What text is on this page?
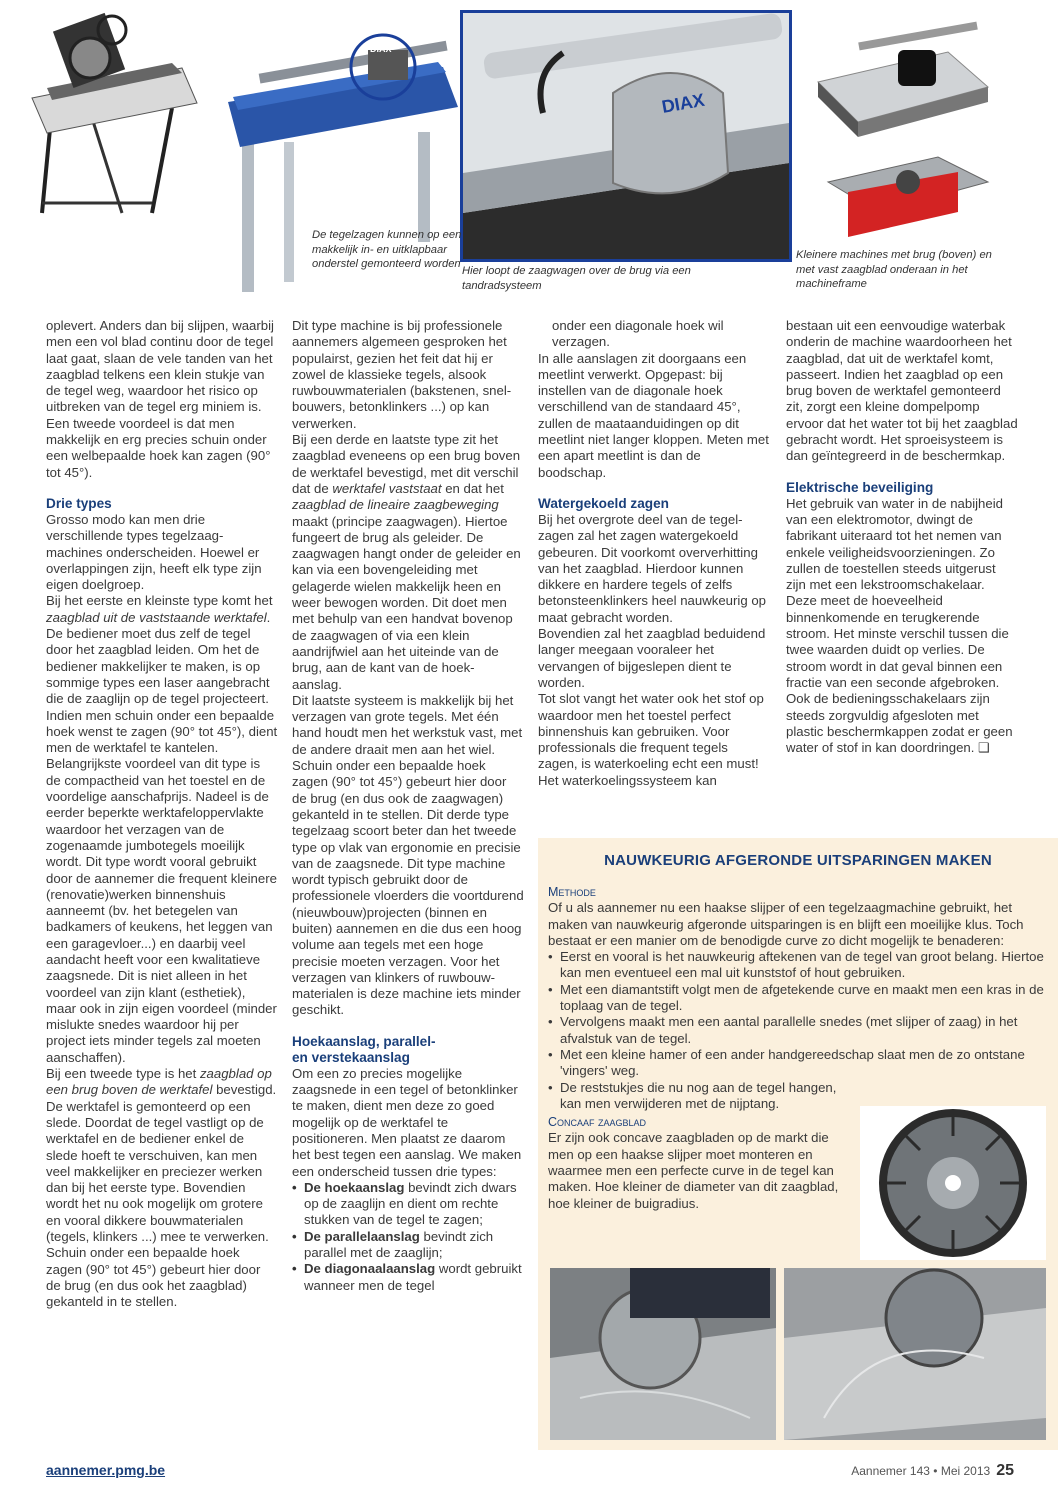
DIAX
DIAX
De tegelzagen kunnen op een makkelijk in- en uitklapbaar onderstel gemonteerd worden
Hier loopt de zaagwagen over de brug via een tandradsysteem
Kleinere machines met brug (boven) en met vast zaagblad onderaan in het machineframe

oplevert. Anders dan bij slijpen, waarbij men een vol blad continu door de tegel laat gaat, slaan de vele tanden van het zaagblad telkens een klein stukje van de tegel weg, waardoor het risico op uitbreken van de tegel erg miniem is. Een tweede voordeel is dat men makkelijk en erg precies schuin onder een welbepaalde hoek kan zagen (90° tot 45°).

Drie types

Grosso modo kan men drie verschillende types tegelzaag-machines onderscheiden. Hoewel er overlappingen zijn, heeft elk type zijn eigen doelgroep.

Bij het eerste en kleinste type komt het zaagblad uit de vaststaande werktafel. De bediener moet dus zelf de tegel door het zaagblad leiden. Om het de bediener makkelijker te maken, is op sommige types een laser aangebracht die de zaaglijn op de tegel projecteert. Indien men schuin onder een bepaalde hoek wenst te zagen (90° tot 45°), dient men de werktafel te kantelen. Belangrijkste voordeel van dit type is de compactheid van het toestel en de voordelige aanschafprijs. Nadeel is de eerder beperkte werktafeloppervlakte waardoor het verzagen van de zogenaamde jumbotegels moeilijk wordt. Dit type wordt vooral gebruikt door de aannemer die frequent kleinere (renovatie)werken binnenshuis aanneemt (bv. het betegelen van badkamers of keukens, het leggen van een garagevloer...) en daarbij veel aandacht heeft voor een kwalitatieve zaagsnede. Dit is niet alleen in het voordeel van zijn klant (esthetiek), maar ook in zijn eigen voordeel (minder mislukte snedes waardoor hij per project iets minder tegels zal moeten aanschaffen).

Bij een tweede type is het zaagblad op een brug boven de werktafel bevestigd. De werktafel is gemonteerd op een slede. Doordat de tegel vastligt op de werktafel en de bediener enkel de slede hoeft te verschuiven, kan men veel makkelijker en preciezer werken dan bij het eerste type. Bovendien wordt het nu ook mogelijk om grotere en vooral dikkere bouwmaterialen (tegels, klinkers ...) mee te verwerken. Schuin onder een bepaalde hoek zagen (90° tot 45°) gebeurt hier door de brug (en dus ook het zaagblad) gekanteld in te stellen.

Dit type machine is bij professionele aannemers algemeen gesproken het populairst, gezien het feit dat hij er zowel de klassieke tegels, alsook ruwbouwmaterialen (bakstenen, snel-bouwers, betonklinkers ...) op kan verwerken.

Bij een derde en laatste type zit het zaagblad eveneens op een brug boven de werktafel bevestigd, met dit verschil dat de werktafel vaststaat en dat het zaagblad de lineaire zaagbeweging maakt (principe zaagwagen). Hiertoe fungeert de brug als geleider. De zaagwagen hangt onder de geleider en kan via een bovengeleiding met gelagerde wielen makkelijk heen en weer bewogen worden. Dit doet men met behulp van een handvat bovenop de zaagwagen of via een klein aandrijfwiel aan het uiteinde van de brug, aan de kant van de hoek-aanslag.

Dit laatste systeem is makkelijk bij het verzagen van grote tegels. Met één hand houdt men het werkstuk vast, met de andere draait men aan het wiel. Schuin onder een bepaalde hoek zagen (90° tot 45°) gebeurt hier door de brug (en dus ook de zaagwagen) gekanteld in te stellen. Dit derde type tegelzaag scoort beter dan het tweede type op vlak van ergonomie en precisie van de zaagsnede. Dit type machine wordt typisch gebruikt door de professionele vloerders die voortdurend (nieuwbouw)projecten (binnen en buiten) aannemen en die dus een hoog volume aan tegels met een hoge precisie moeten verzagen. Voor het verzagen van klinkers of ruwbouw-materialen is deze machine iets minder geschikt.

Hoekaanslag, parallel-
en verstekaanslag

Om een zo precies mogelijke zaagsnede in een tegel of betonklinker te maken, dient men deze zo goed mogelijk op de werktafel te positioneren. Men plaatst ze daarom het best tegen een aanslag. We maken een onderscheid tussen drie types:

• De hoekaanslag bevindt zich dwars op de zaaglijn en dient om rechte stukken van de tegel te zagen;
• De parallelaanslag bevindt zich parallel met de zaaglijn;
• De diagonaalaanslag wordt gebruikt wanneer men de tegel

onder een diagonale hoek wil verzagen.

In alle aanslagen zit doorgaans een meetlint verwerkt. Opgepast: bij instellen van de diagonale hoek verschillend van de standaard 45°, zullen de maataanduidingen op dit meetlint niet langer kloppen. Meten met een apart meetlint is dan de boodschap.

Watergekoeld zagen

Bij het overgrote deel van de tegel-zagen zal het zagen watergekoeld gebeuren. Dit voorkomt oververhitting van het zaagblad. Hierdoor kunnen dikkere en hardere tegels of zelfs betonsteenklinkers heel nauwkeurig op maat gebracht worden.

Bovendien zal het zaagblad beduidend langer meegaan vooraleer het vervangen of bijgeslepen dient te worden.

Tot slot vangt het water ook het stof op waardoor men het toestel perfect binnenshuis kan gebruiken. Voor professionals die frequent tegels zagen, is waterkoeling echt een must! Het waterkoelingssysteem kan

bestaan uit een eenvoudige waterbak onderin de machine waardoorheen het zaagblad, dat uit de werktafel komt, passeert. Indien het zaagblad op een brug boven de werktafel gemonteerd zit, zorgt een kleine dompelpomp ervoor dat het water tot bij het zaagblad gebracht wordt. Het sproeisysteem is dan geïntegreerd in de beschermkap.

Elektrische beveiliging

Het gebruik van water in de nabijheid van een elektromotor, dwingt de fabrikant uiteraard tot het nemen van enkele veiligheidsvoorzieningen. Zo zullen de toestellen steeds uitgerust zijn met een lekstroomschakelaar. Deze meet de hoeveelheid binnenkomende en terugkerende stroom. Het minste verschil tussen die twee waarden duidt op verlies. De stroom wordt in dat geval binnen een fractie van een seconde afgebroken. Ook de bedieningsschakelaars zijn steeds zorgvuldig afgesloten met plastic beschermkappen zodat er geen water of stof in kan doordringen. ❑

NAUWKEURIG AFGERONDE UITSPARINGEN MAKEN
Methode

Of u als aannemer nu een haakse slijper of een tegelzaagmachine gebruikt, het maken van nauwkeurig afgeronde uitsparingen is en blijft een moeilijke klus. Toch bestaat er een manier om de benodigde curve zo dicht mogelijk te benaderen:

• Eerst en vooral is het nauwkeurig aftekenen van de tegel van groot belang. Hiertoe kan men eventueel een mal uit kunststof of hout gebruiken.
• Met een diamantstift volgt men de afgetekende curve en maakt men een kras in de toplaag van de tegel.
• Vervolgens maakt men een aantal parallelle snedes (met slijper of zaag) in het afvalstuk van de tegel.
• Met een kleine hamer of een ander handgereedschap slaat men de zo ontstane 'vingers' weg.
• De reststukjes die nu nog aan de tegel hangen, kan men verwijderen met de nijptang.
Concaaf zaagblad

Er zijn ook concave zaagbladen op de markt die men op een haakse slijper moet monteren en waarmee men een perfecte curve in de tegel kan maken. Hoe kleiner de diameter van dit zaagblad, hoe kleiner de buigradius.

aannemer.pmg.be	Aannemer 143 • Mei 2013 25
